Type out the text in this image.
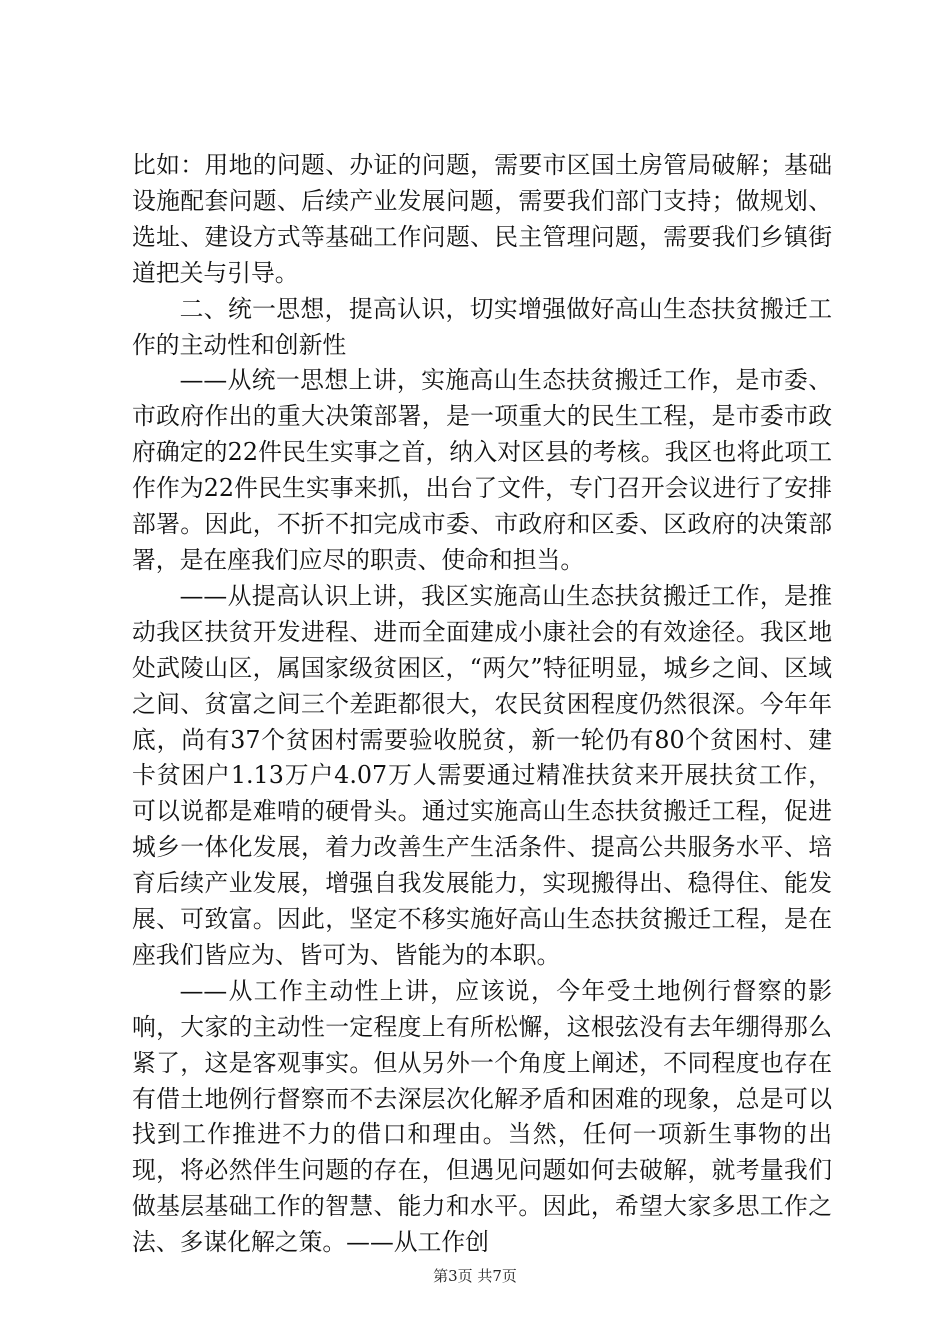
比如：用地的问题、办证的问题，需要市区国土房管局破解；基础设施配套问题、后续产业发展问题，需要我们部门支持；做规划、选址、建设方式等基础工作问题、民主管理问题，需要我们乡镇街道把关与引导。

二、统一思想，提高认识，切实增强做好高山生态扶贫搬迁工作的主动性和创新性

——从统一思想上讲，实施高山生态扶贫搬迁工作，是市委、市政府作出的重大决策部署，是一项重大的民生工程，是市委市政府确定的22件民生实事之首，纳入对区县的考核。我区也将此项工作作为22件民生实事来抓，出台了文件，专门召开会议进行了安排部署。因此，不折不扣完成市委、市政府和区委、区政府的决策部署，是在座我们应尽的职责、使命和担当。

——从提高认识上讲，我区实施高山生态扶贫搬迁工作，是推动我区扶贫开发进程、进而全面建成小康社会的有效途径。我区地处武陵山区，属国家级贫困区，“两欠”特征明显，城乡之间、区域之间、贫富之间三个差距都很大，农民贫困程度仍然很深。今年年底，尚有37个贫困村需要验收脱贫，新一轮仍有80个贫困村、建卡贫困户1.13万户4.07万人需要通过精准扶贫来开展扶贫工作，可以说都是难啃的硬骨头。通过实施高山生态扶贫搬迁工程，促进城乡一体化发展，着力改善生产生活条件、提高公共服务水平、培育后续产业发展，增强自我发展能力，实现搬得出、稳得住、能发展、可致富。因此，坚定不移实施好高山生态扶贫搬迁工程，是在座我们皆应为、皆可为、皆能为的本职。

——从工作主动性上讲，应该说，今年受土地例行督察的影响，大家的主动性一定程度上有所松懈，这根弦没有去年绷得那么紧了，这是客观事实。但从另外一个角度上阐述，不同程度也存在有借土地例行督察而不去深层次化解矛盾和困难的现象，总是可以找到工作推进不力的借口和理由。当然，任何一项新生事物的出现，将必然伴生问题的存在，但遇见问题如何去破解，就考量我们做基层基础工作的智慧、能力和水平。因此，希望大家多思工作之法、多谋化解之策。——从工作创

第3页 共7页
